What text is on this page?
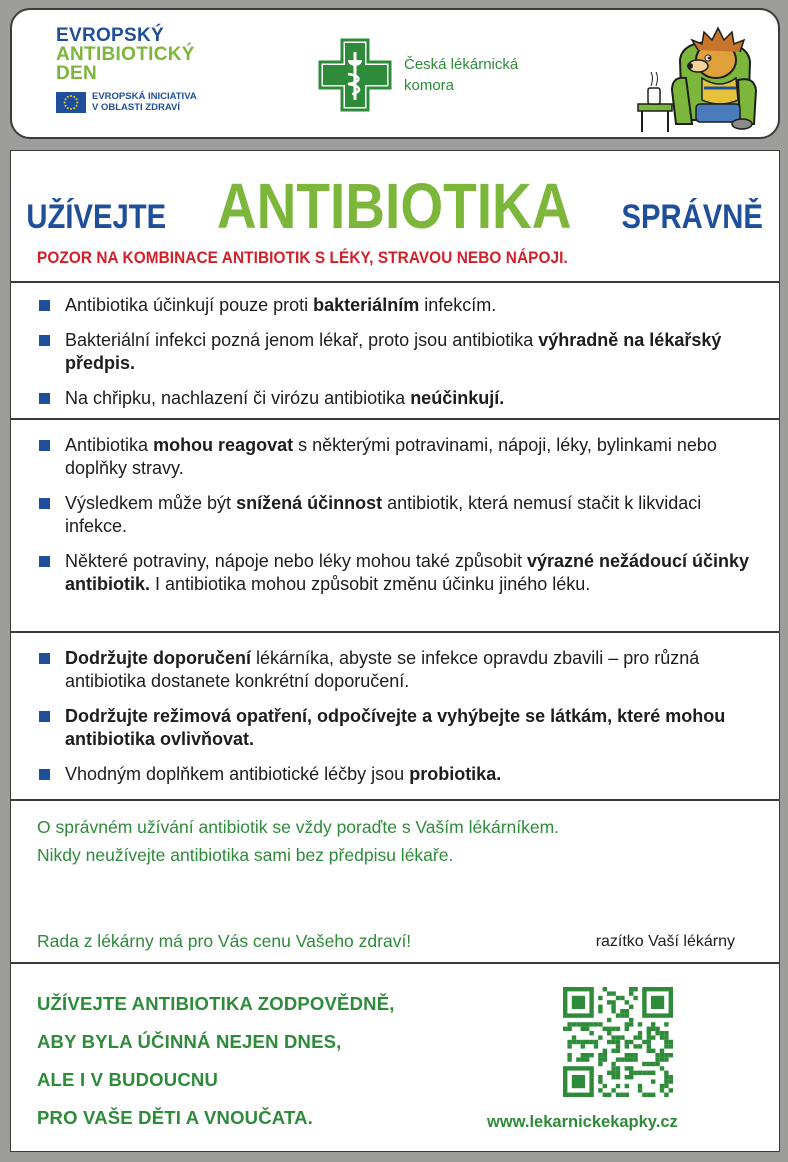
EVROPSKÝ
ANTIBIOTICKÝ
DEN
EVROPSKÁ INICIATIVA
V OBLASTI ZDRAVÍ
Česká lékárnická
komora
UŽÍVEJTE ANTIBIOTIKA SPRÁVNĚ
POZOR NA KOMBINACE ANTIBIOTIK S LÉKY, STRAVOU NEBO NÁPOJI.
Antibiotika účinkují pouze proti bakteriálním infekcím.
Bakteriální infekci pozná jenom lékař, proto jsou antibiotika výhradně na lékařský předpis.
Na chřipku, nachlazení či virózu antibiotika neúčinkují.
Antibiotika mohou reagovat s některými potravinami, nápoji, léky, bylinkami nebo doplňky stravy.
Výsledkem může být snížená účinnost antibiotik, která nemusí stačit k likvidaci infekce.
Některé potraviny, nápoje nebo léky mohou také způsobit výrazné nežádoucí účinky antibiotik. I antibiotika mohou způsobit změnu účinku jiného léku.
Dodržujte doporučení lékárníka, abyste se infekce opravdu zbavili – pro různá antibiotika dostanete konkrétní doporučení.
Dodržujte režimová opatření, odpočívejte a vyhýbejte se látkám, které mohou antibiotika ovlivňovat.
Vhodným doplňkem antibiotické léčby jsou probiotika.
O správném užívání antibiotik se vždy poraďte s Vaším lékárníkem.
Nikdy neužívejte antibiotika sami bez předpisu lékaře.
Rada z lékárny má pro Vás cenu Vašeho zdraví!	razítko Vaší lékárny
UŽÍVEJTE ANTIBIOTIKA ZODPOVĚDNĚ,
ABY BYLA ÚČINNÁ NEJEN DNES,
ALE I V BUDOUCNU
PRO VAŠE DĚTI A VNOUČATA.	www.lekarnickekapky.cz
